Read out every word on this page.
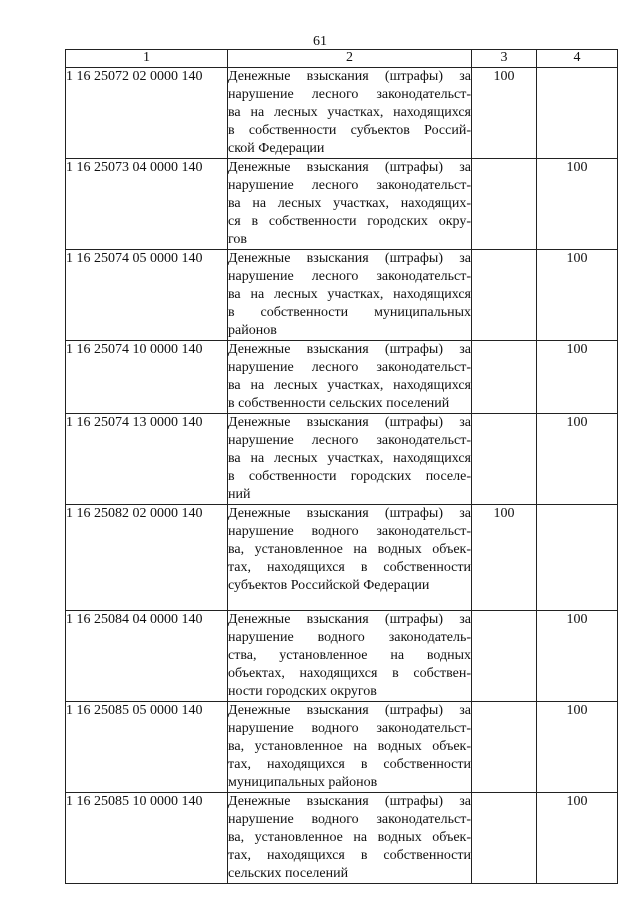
61
1	2	3	4
1 16 25072 02 0000 140	Денежные взыскания (штрафы) за
нарушение лесного законодательст-
ва на лесных участках, находящихся
в собственности субъектов Россий-
ской Федерации	100	
1 16 25073 04 0000 140	Денежные взыскания (штрафы) за
нарушение лесного законодательст-
ва на лесных участках, находящих-
ся в собственности городских окру-
гов		100
1 16 25074 05 0000 140	Денежные взыскания (штрафы) за
нарушение лесного законодательст-
ва на лесных участках, находящихся
в собственности муниципальных
районов		100
1 16 25074 10 0000 140	Денежные взыскания (штрафы) за
нарушение лесного законодательст-
ва на лесных участках, находящихся
в собственности сельских поселений		100
1 16 25074 13 0000 140	Денежные взыскания (штрафы) за
нарушение лесного законодательст-
ва на лесных участках, находящихся
в собственности городских поселе-
ний		100
1 16 25082 02 0000 140	Денежные взыскания (штрафы) за
нарушение водного законодательст-
ва, установленное на водных объек-
тах, находящихся в собственности
субъектов Российской Федерации	100	
1 16 25084 04 0000 140	Денежные взыскания (штрафы) за
нарушение водного законодатель-
ства, установленное на водных
объектах, находящихся в собствен-
ности городских округов		100
1 16 25085 05 0000 140	Денежные взыскания (штрафы) за
нарушение водного законодательст-
ва, установленное на водных объек-
тах, находящихся в собственности
муниципальных районов		100
1 16 25085 10 0000 140	Денежные взыскания (штрафы) за
нарушение водного законодательст-
ва, установленное на водных объек-
тах, находящихся в собственности
сельских поселений		100
